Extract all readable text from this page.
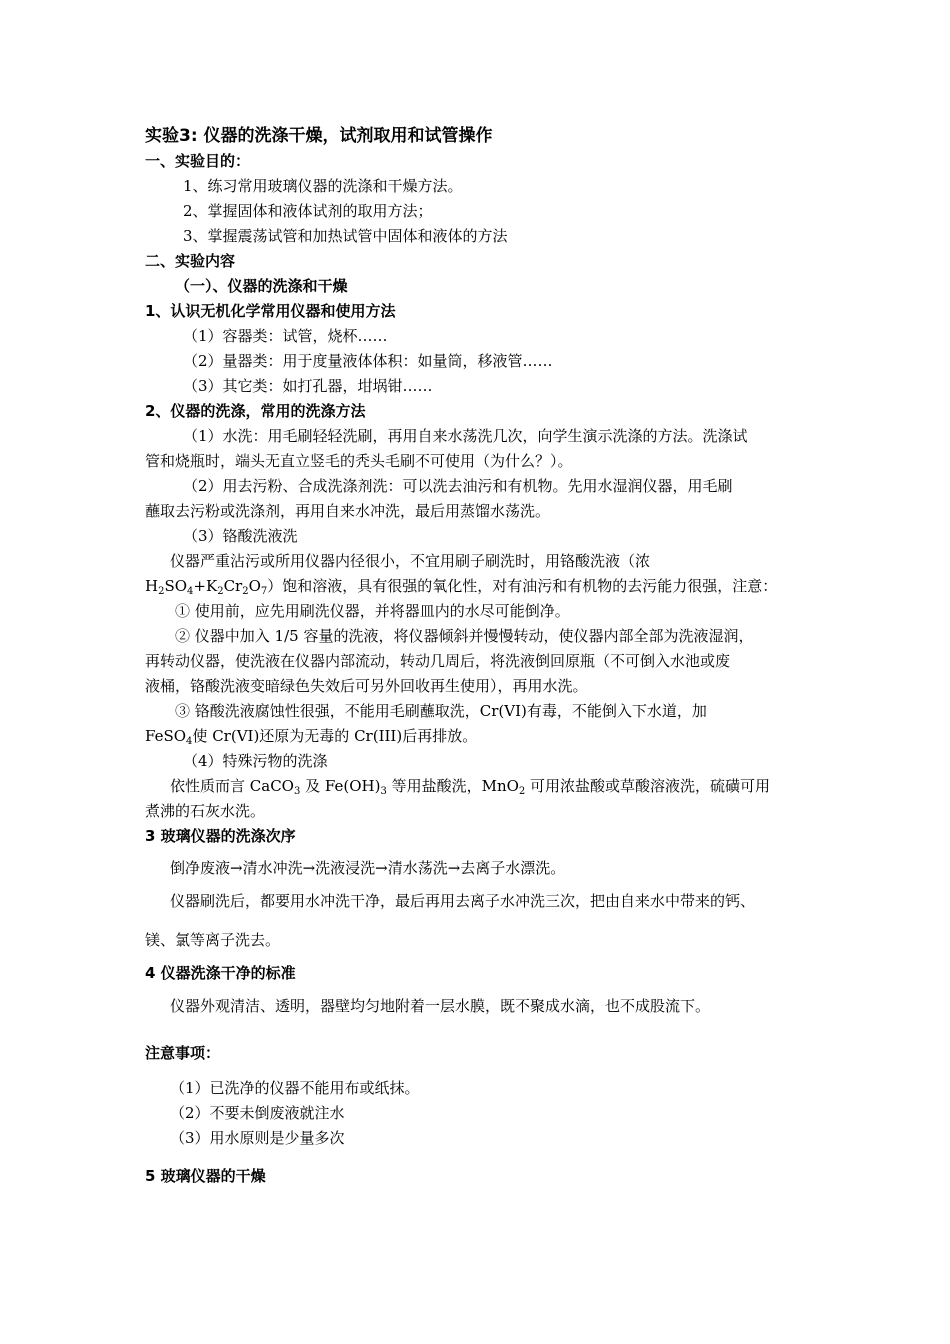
实验3: 仪器的洗涤干燥，试剂取用和试管操作
一、实验目的：
1、练习常用玻璃仪器的洗涤和干燥方法。
2、掌握固体和液体试剂的取用方法；
3、掌握震荡试管和加热试管中固体和液体的方法
二、实验内容
（一）、仪器的洗涤和干燥
1、认识无机化学常用仪器和使用方法
（1）容器类：试管，烧杯……
（2）量器类：用于度量液体体积：如量筒，移液管……
（3）其它类：如打孔器，坩埚钳……
2、仪器的洗涤，常用的洗涤方法
（1）水洗：用毛刷轻轻洗刷，再用自来水荡洗几次，向学生演示洗涤的方法。洗涤试
管和烧瓶时，端头无直立竖毛的秃头毛刷不可使用（为什么？）。
（2）用去污粉、合成洗涤剂洗：可以洗去油污和有机物。先用水湿润仪器，用毛刷
蘸取去污粉或洗涤剂，再用自来水冲洗，最后用蒸馏水荡洗。
（3）铬酸洗液洗
仪器严重沾污或所用仪器内径很小，不宜用刷子刷洗时，用铬酸洗液（浓
$H_2SO_4+K_2Cr_2O_7$）饱和溶液，具有很强的氧化性，对有油污和有机物的去污能力很强，注意：
① 使用前，应先用刷洗仪器，并将器皿内的水尽可能倒净。
② 仪器中加入 1/5 容量的洗液，将仪器倾斜并慢慢转动，使仪器内部全部为洗液湿润，
再转动仪器，使洗液在仪器内部流动，转动几周后，将洗液倒回原瓶（不可倒入水池或废
液桶，铬酸洗液变暗绿色失效后可另外回收再生使用），再用水洗。
③ 铬酸洗液腐蚀性很强，不能用毛刷蘸取洗，Cr(VI)有毒，不能倒入下水道，加
FeSO$_4$使 Cr(VI)还原为无毒的 Cr(III)后再排放。
（4）特殊污物的洗涤
依性质而言 CaCO$_3$ 及 $Fe(OH)_3$ 等用盐酸洗，MnO$_2$ 可用浓盐酸或草酸溶液洗，硫磺可用
煮沸的石灰水洗。
3 玻璃仪器的洗涤次序
倒净废液→清水冲洗→洗液浸洗→清水荡洗→去离子水漂洗。
仪器刷洗后，都要用水冲洗干净，最后再用去离子水冲洗三次，把由自来水中带来的钙、
镁、氯等离子洗去。
4 仪器洗涤干净的标准
仪器外观清洁、透明，器壁均匀地附着一层水膜，既不聚成水滴，也不成股流下。
注意事项：
（1）已洗净的仪器不能用布或纸抹。
（2）不要未倒废液就注水
（3）用水原则是少量多次
5 玻璃仪器的干燥
